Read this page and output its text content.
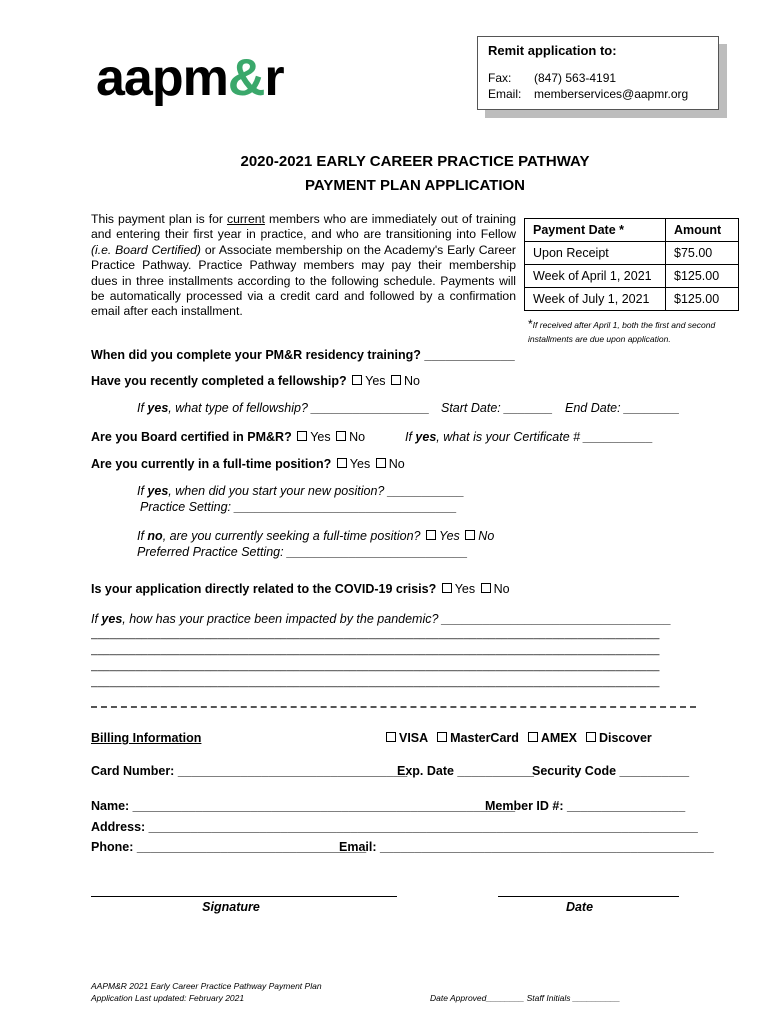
aapm&r	Remit application to:
Fax: (847) 563-4191
Email: memberservices@aapmr.org
2020-2021 EARLY CAREER PRACTICE PATHWAY
PAYMENT PLAN APPLICATION
This payment plan is for current members who are immediately out of training and entering their first year in practice, and who are transitioning into Fellow (i.e. Board Certified) or Associate membership on the Academy's Early Career Practice Pathway. Practice Pathway members may pay their membership dues in three installments according to the following schedule. Payments will be automatically processed via a credit card and followed by a confirmation email after each installment.
Payment Date *	Amount
Upon Receipt	$75.00
Week of April 1, 2021	$125.00
Week of July 1, 2021	$125.00
*If received after April 1, both the first and second installments are due upon application.
When did you complete your PM&R residency training? _____________
Have you recently completed a fellowship? Yes No
If yes, what type of fellowship? _________________ Start Date: _______ End Date: ________
Are you Board certified in PM&R? Yes No	If yes, what is your Certificate # __________
Are you currently in a full-time position? Yes No
If yes, when did you start your new position? ___________
Practice Setting: ________________________________
If no, are you currently seeking a full-time position? Yes No
Preferred Practice Setting: __________________________
Is your application directly related to the COVID-19 crisis? Yes No
If yes, how has your practice been impacted by the pandemic? _________________________________
__________________________________________________________________________________________
__________________________________________________________________________________________
__________________________________________________________________________________________
__________________________________________________________________________________________
Billing Information	VISA MasterCard AMEX Discover
Card Number: _________________________________
Exp. Date ___________
Security Code __________
Name: _______________________________________________________
Member ID #: _________________
Address: _______________________________________________________________________________
Phone: _________________________________
Email: ________________________________________________
Signature	Date
AAPM&R 2021 Early Career Practice Pathway Payment Plan
Application Last updated: February 2021	Date Approved________ Staff Initials __________
